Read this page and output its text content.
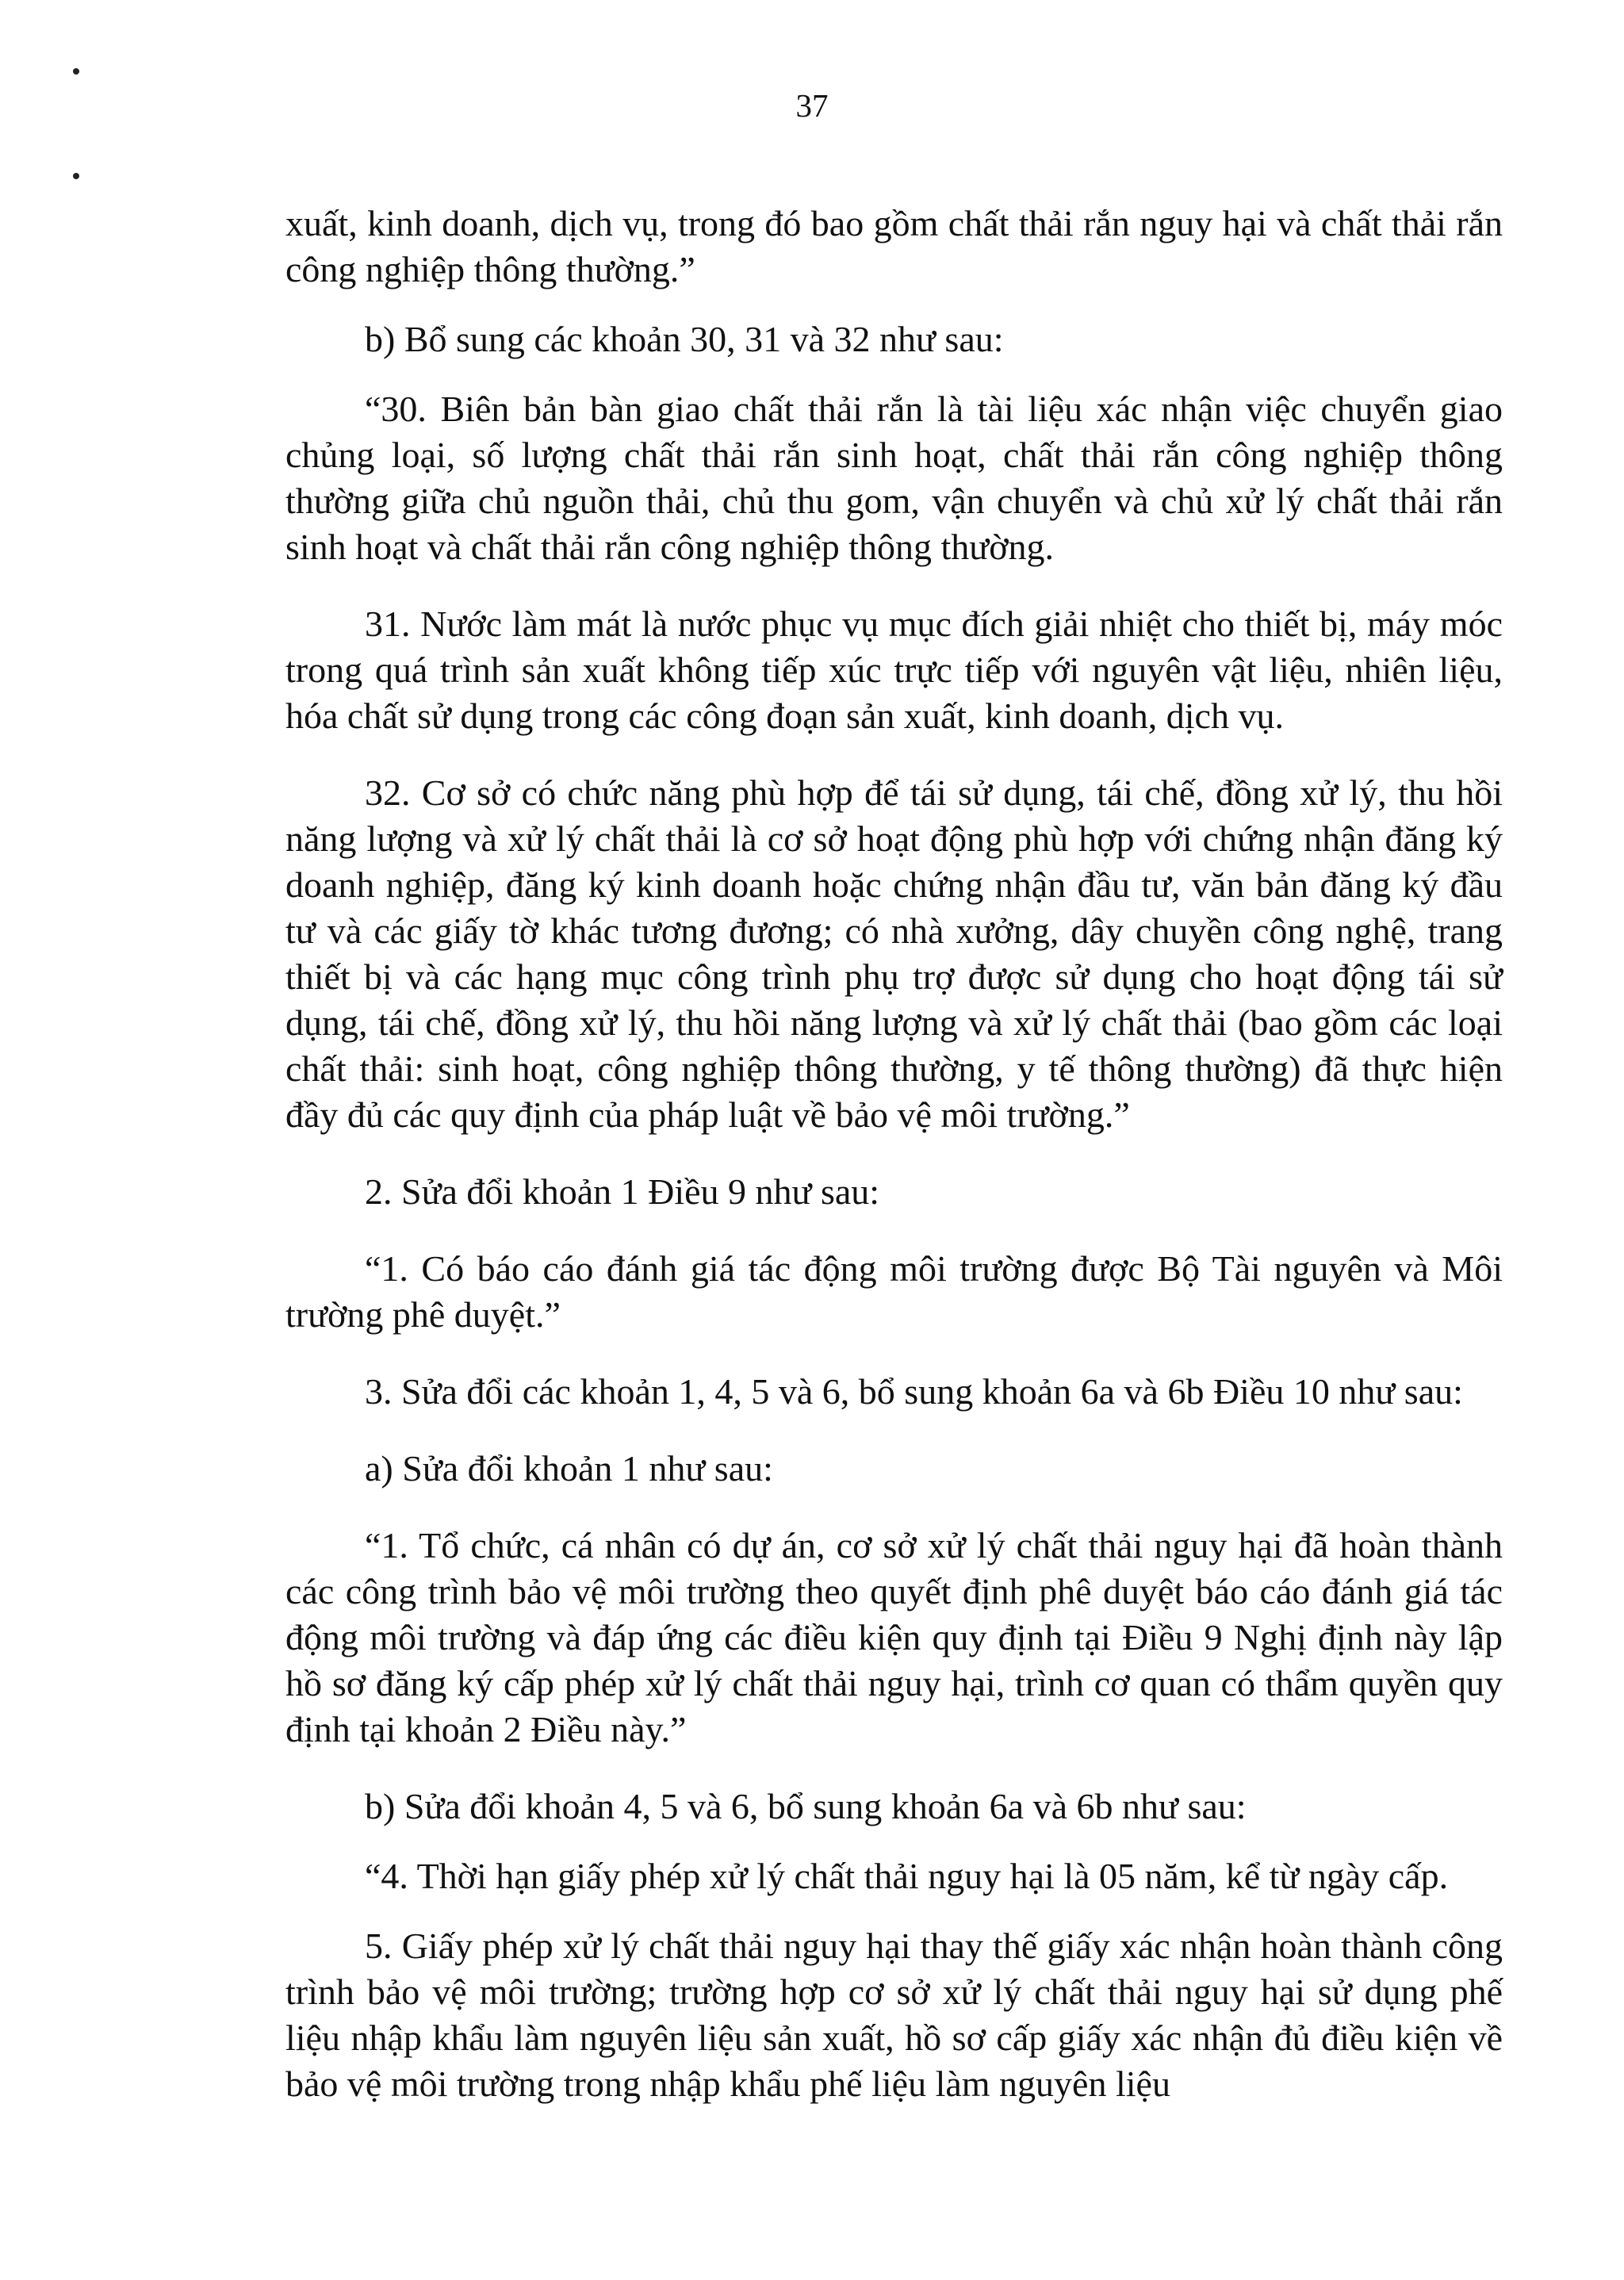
37

xuất, kinh doanh, dịch vụ, trong đó bao gồm chất thải rắn nguy hại và chất thải rắn công nghiệp thông thường.”

b) Bổ sung các khoản 30, 31 và 32 như sau:

“30. Biên bản bàn giao chất thải rắn là tài liệu xác nhận việc chuyển giao chủng loại, số lượng chất thải rắn sinh hoạt, chất thải rắn công nghiệp thông thường giữa chủ nguồn thải, chủ thu gom, vận chuyển và chủ xử lý chất thải rắn sinh hoạt và chất thải rắn công nghiệp thông thường.

31. Nước làm mát là nước phục vụ mục đích giải nhiệt cho thiết bị, máy móc trong quá trình sản xuất không tiếp xúc trực tiếp với nguyên vật liệu, nhiên liệu, hóa chất sử dụng trong các công đoạn sản xuất, kinh doanh, dịch vụ.

32. Cơ sở có chức năng phù hợp để tái sử dụng, tái chế, đồng xử lý, thu hồi năng lượng và xử lý chất thải là cơ sở hoạt động phù hợp với chứng nhận đăng ký doanh nghiệp, đăng ký kinh doanh hoặc chứng nhận đầu tư, văn bản đăng ký đầu tư và các giấy tờ khác tương đương; có nhà xưởng, dây chuyền công nghệ, trang thiết bị và các hạng mục công trình phụ trợ được sử dụng cho hoạt động tái sử dụng, tái chế, đồng xử lý, thu hồi năng lượng và xử lý chất thải (bao gồm các loại chất thải: sinh hoạt, công nghiệp thông thường, y tế thông thường) đã thực hiện đầy đủ các quy định của pháp luật về bảo vệ môi trường.”

2. Sửa đổi khoản 1 Điều 9 như sau:

“1. Có báo cáo đánh giá tác động môi trường được Bộ Tài nguyên và Môi trường phê duyệt.”

3. Sửa đổi các khoản 1, 4, 5 và 6, bổ sung khoản 6a và 6b Điều 10 như sau:

a) Sửa đổi khoản 1 như sau:

“1. Tổ chức, cá nhân có dự án, cơ sở xử lý chất thải nguy hại đã hoàn thành các công trình bảo vệ môi trường theo quyết định phê duyệt báo cáo đánh giá tác động môi trường và đáp ứng các điều kiện quy định tại Điều 9 Nghị định này lập hồ sơ đăng ký cấp phép xử lý chất thải nguy hại, trình cơ quan có thẩm quyền quy định tại khoản 2 Điều này.”

b) Sửa đổi khoản 4, 5 và 6, bổ sung khoản 6a và 6b như sau:

“4. Thời hạn giấy phép xử lý chất thải nguy hại là 05 năm, kể từ ngày cấp.

5. Giấy phép xử lý chất thải nguy hại thay thế giấy xác nhận hoàn thành công trình bảo vệ môi trường; trường hợp cơ sở xử lý chất thải nguy hại sử dụng phế liệu nhập khẩu làm nguyên liệu sản xuất, hồ sơ cấp giấy xác nhận đủ điều kiện về bảo vệ môi trường trong nhập khẩu phế liệu làm nguyên liệu
